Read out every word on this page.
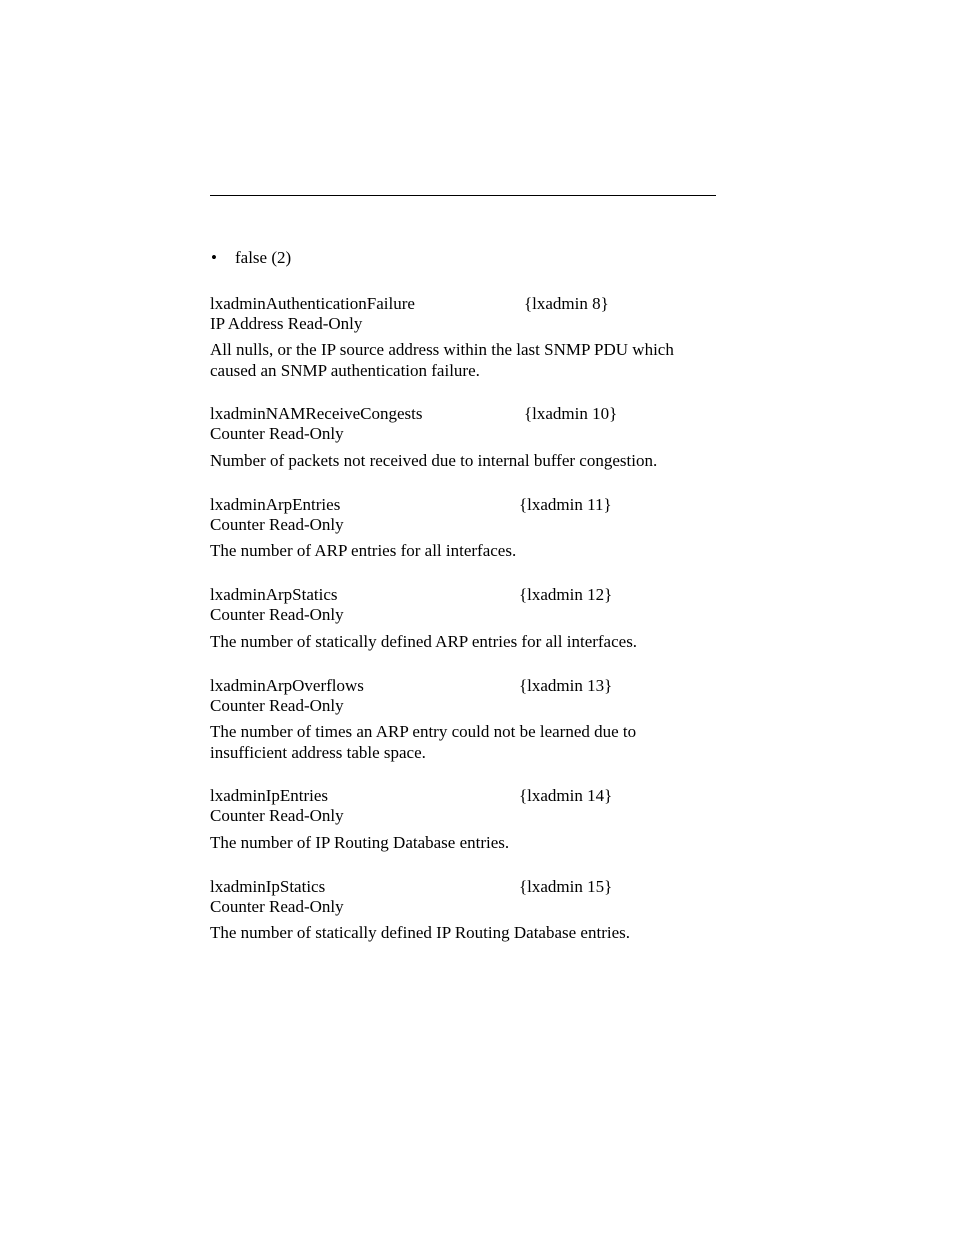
• false (2)
lxadminAuthenticationFailure	{lxadmin 8}
IP Address Read-Only
All nulls, or the IP source address within the last SNMP PDU which caused an SNMP authentication failure.
lxadminNAMReceiveCongests	{lxadmin 10}
Counter Read-Only
Number of packets not received due to internal buffer congestion.
lxadminArpEntries	{lxadmin 11}
Counter Read-Only
The number of ARP entries for all interfaces.
lxadminArpStatics	{lxadmin 12}
Counter Read-Only
The number of statically defined ARP entries for all interfaces.
lxadminArpOverflows	{lxadmin 13}
Counter Read-Only
The number of times an ARP entry could not be learned due to insufficient address table space.
lxadminIpEntries	{lxadmin 14}
Counter Read-Only
The number of IP Routing Database entries.
lxadminIpStatics	{lxadmin 15}
Counter Read-Only
The number of statically defined IP Routing Database entries.
